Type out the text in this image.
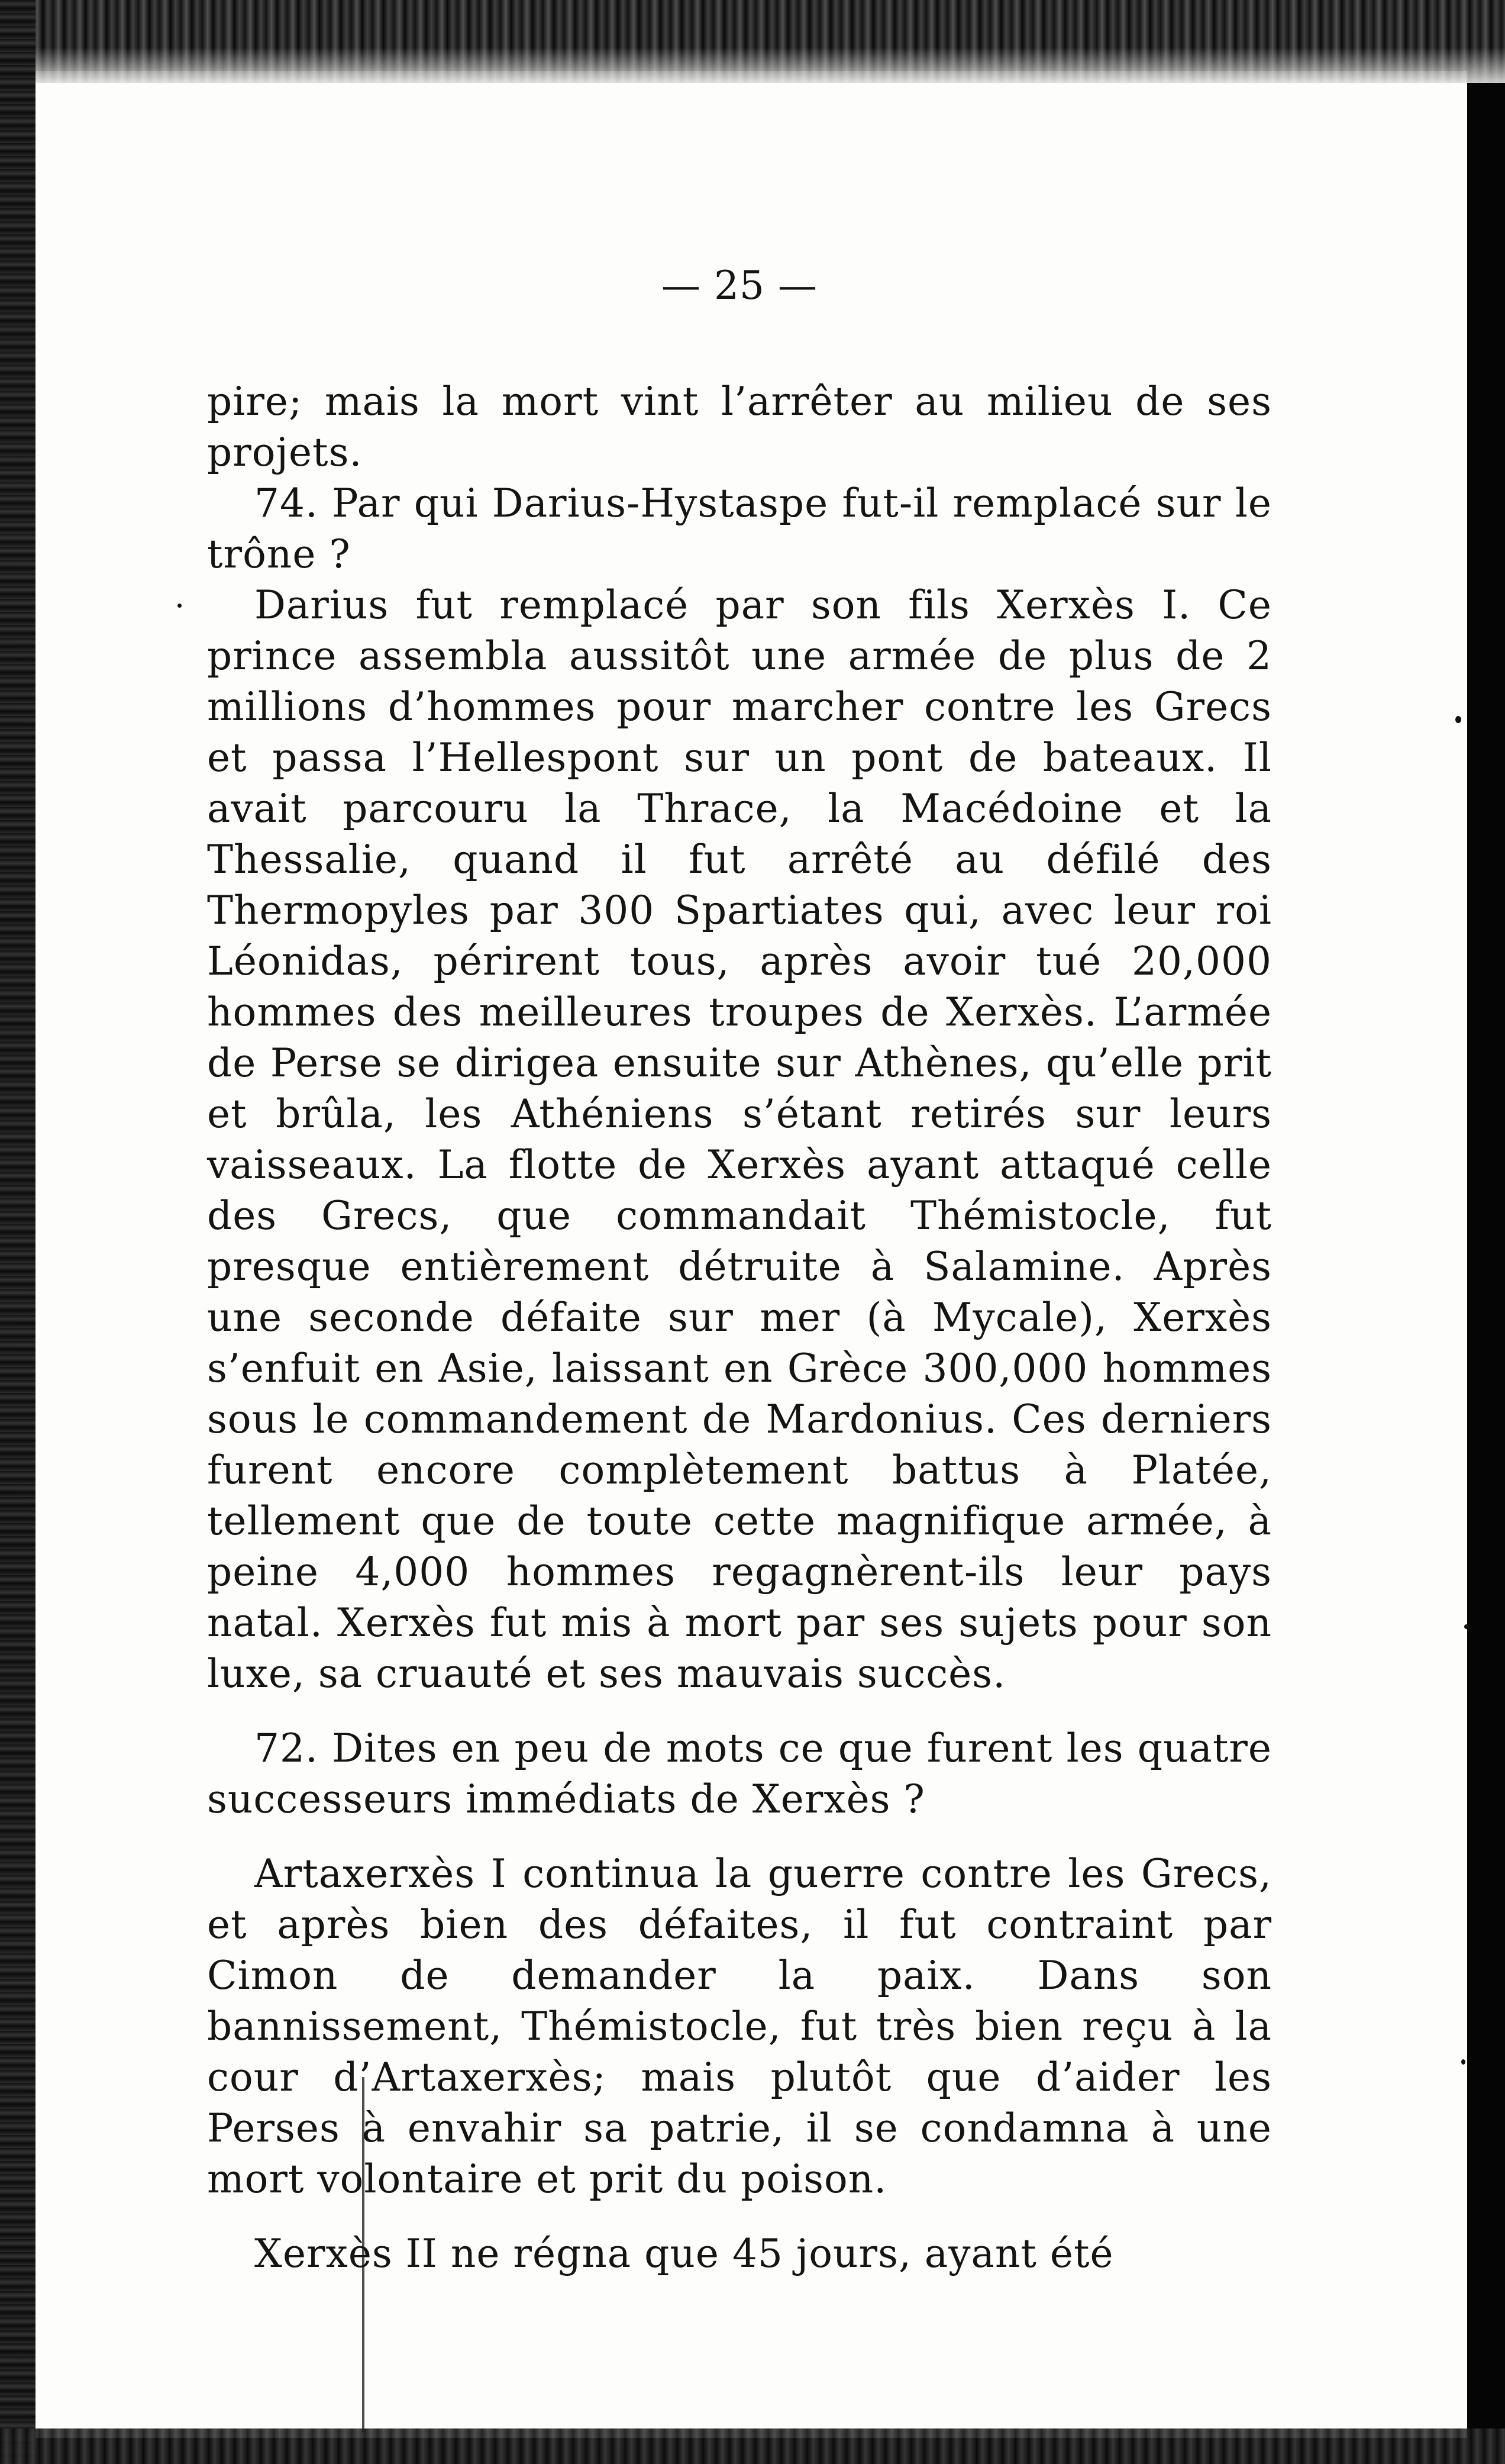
— 25 —

pire; mais la mort vint l’arrêter au milieu de ses projets.

74. Par qui Darius-Hystaspe fut-il remplacé sur le trône ?

Darius fut remplacé par son fils Xerxès I. Ce prince assembla aussitôt une armée de plus de 2 millions d’hommes pour marcher contre les Grecs et passa l’Hellespont sur un pont de bateaux. Il avait parcouru la Thrace, la Macédoine et la Thessalie, quand il fut arrêté au défilé des Thermopyles par 300 Spartiates qui, avec leur roi Léonidas, périrent tous, après avoir tué 20,000 hommes des meilleures troupes de Xerxès. L’armée de Perse se dirigea ensuite sur Athènes, qu’elle prit et brûla, les Athéniens s’étant retirés sur leurs vaisseaux. La flotte de Xerxès ayant attaqué celle des Grecs, que commandait Thémistocle, fut presque entièrement détruite à Salamine. Après une seconde défaite sur mer (à Mycale), Xerxès s’enfuit en Asie, laissant en Grèce 300,000 hommes sous le commandement de Mardonius. Ces derniers furent encore complètement battus à Platée, tellement que de toute cette magnifique armée, à peine 4,000 hommes regagnèrent-ils leur pays natal. Xerxès fut mis à mort par ses sujets pour son luxe, sa cruauté et ses mauvais succès.

72. Dites en peu de mots ce que furent les quatre successeurs immédiats de Xerxès ?

Artaxerxès I continua la guerre contre les Grecs, et après bien des défaites, il fut contraint par Cimon de demander la paix. Dans son bannissement, Thémistocle, fut très bien reçu à la cour d’Artaxerxès; mais plutôt que d’aider les Perses à envahir sa patrie, il se condamna à une mort volontaire et prit du poison.

Xerxès II ne régna que 45 jours, ayant été
